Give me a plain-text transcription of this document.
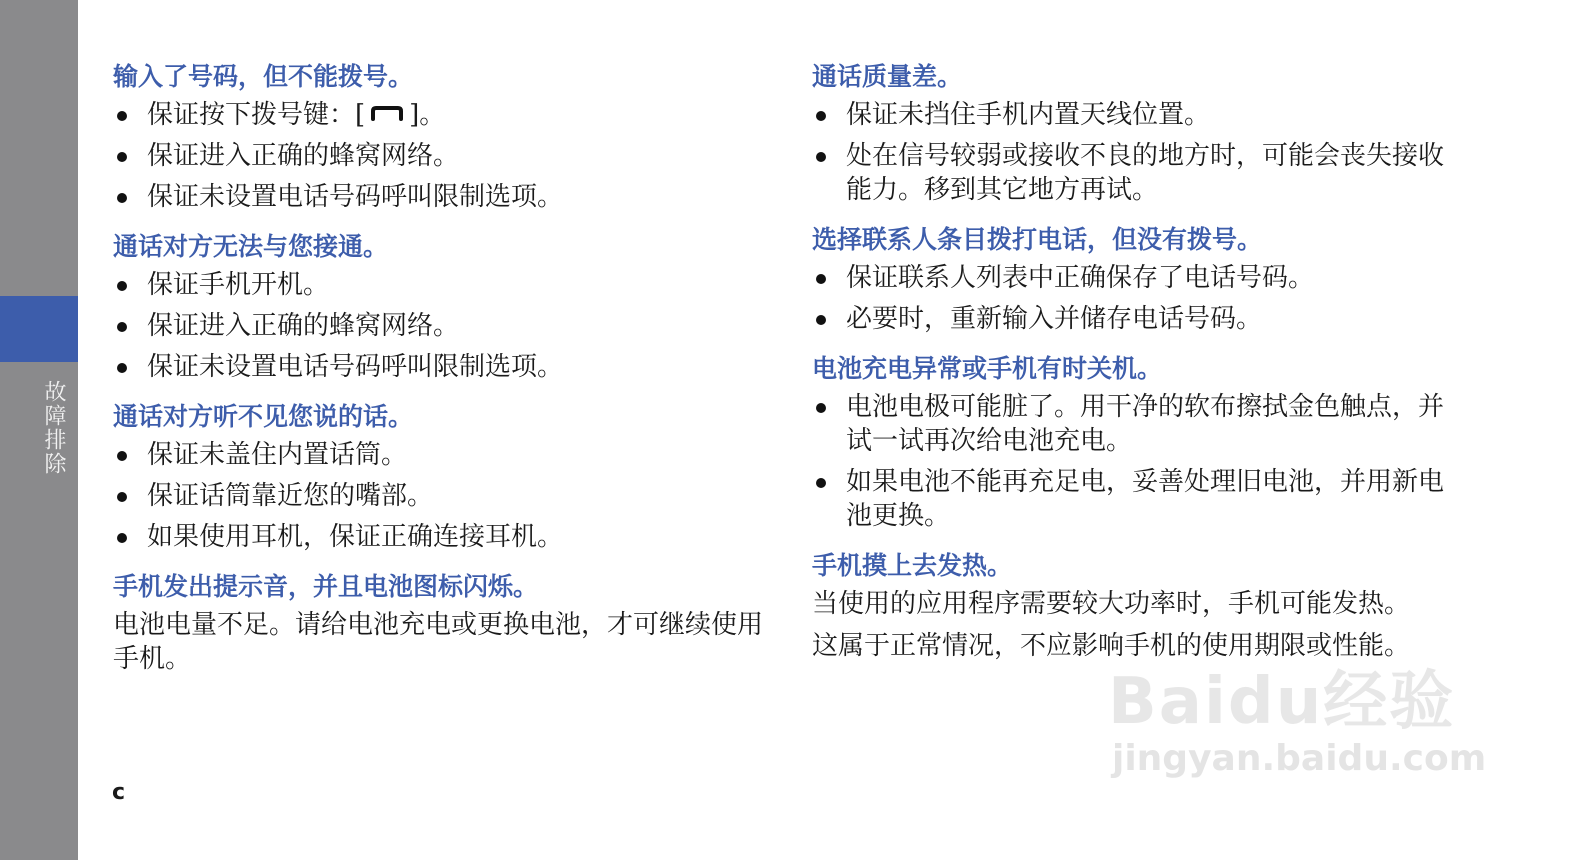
故障排除
输入了号码，但不能拨号。
保证按下拨号键：[ ]。
保证进入正确的蜂窝网络。
保证未设置电话号码呼叫限制选项。
通话对方无法与您接通。
保证手机开机。
保证进入正确的蜂窝网络。
保证未设置电话号码呼叫限制选项。
通话对方听不见您说的话。
保证未盖住内置话筒。
保证话筒靠近您的嘴部。
如果使用耳机，保证正确连接耳机。
手机发出提示音，并且电池图标闪烁。

电池电量不足。请给电池充电或更换电池，才可继续使用手机。

通话质量差。
保证未挡住手机内置天线位置。
处在信号较弱或接收不良的地方时，可能会丧失接收能力。移到其它地方再试。
选择联系人条目拨打电话，但没有拨号。
保证联系人列表中正确保存了电话号码。
必要时，重新输入并储存电话号码。
电池充电异常或手机有时关机。
电池电极可能脏了。用干净的软布擦拭金色触点，并试一试再次给电池充电。
如果电池不能再充足电，妥善处理旧电池，并用新电池更换。
手机摸上去发热。

当使用的应用程序需要较大功率时，手机可能发热。

这属于正常情况，不应影响手机的使用期限或性能。

c
Baidu经验
jingyan.baidu.com
